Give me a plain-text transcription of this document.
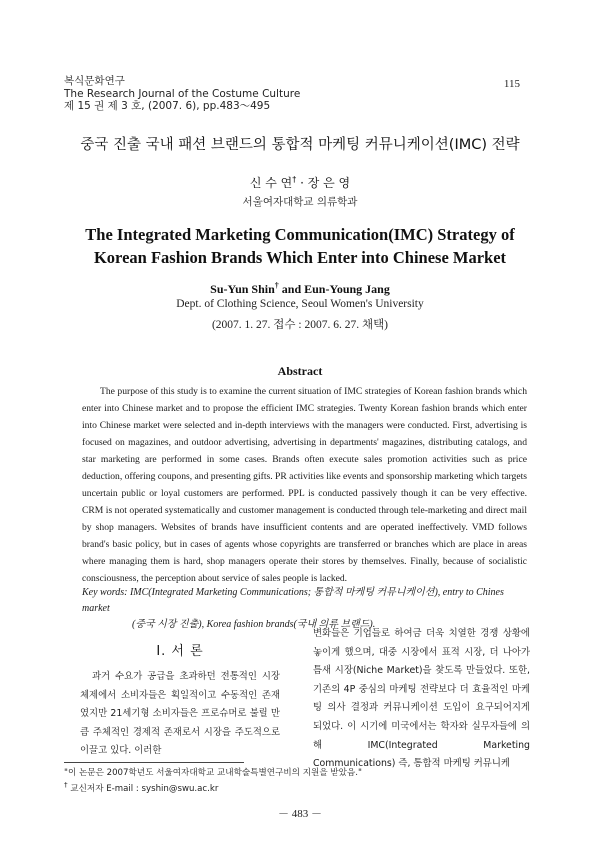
복식문화연구
The Research Journal of the Costume Culture
제 15 권 제 3 호, (2007. 6), pp.483～495
115
중국 진출 국내 패션 브랜드의 통합적 마케팅 커뮤니케이션(IMC) 전략
신 수 연† · 장 은 영
서울여자대학교 의류학과
The Integrated Marketing Communication(IMC) Strategy of
Korean Fashion Brands Which Enter into Chinese Market
Su-Yun Shin† and Eun-Young Jang
Dept. of Clothing Science, Seoul Women's University
(2007. 1. 27. 접수 : 2007. 6. 27. 채택)
Abstract
The purpose of this study is to examine the current situation of IMC strategies of Korean fashion brands which enter into Chinese market and to propose the efficient IMC strategies. Twenty Korean fashion brands which enter into Chinese market were selected and in-depth interviews with the managers were conducted. First, advertising is focused on magazines, and outdoor advertising, advertising in departments' magazines, distributing catalogs, and star marketing are performed in some cases. Brands often execute sales promotion activities such as price deduction, offering coupons, and presenting gifts. PR activities like events and sponsorship marketing which targets uncertain public or loyal customers are performed. PPL is conducted passively though it can be very effective. CRM is not operated systematically and customer management is conducted through tele-marketing and direct mail by shop managers. Websites of brands have insufficient contents and are operated ineffectively. VMD follows brand's basic policy, but in cases of agents whose copyrights are transferred or branches which are place in areas where managing them is hard, shop managers operate their stores by themselves. Finally, because of socialistic consciousness, the perception about service of sales people is lacked.
Key words: IMC(Integrated Marketing Communications; 통합적 마케팅 커뮤니케이션), entry to Chines market
(중국 시장 진출), Korea fashion brands(국내 의류 브랜드).
Ⅰ. 서 론

과거 수요가 공급을 초과하던 전통적인 시장 체제에서 소비자들은 획일적이고 수동적인 존재였지만 21세기형 소비자들은 프로슈머로 불릴 만큼 주체적인 경제적 존재로서 시장을 주도적으로 이끌고 있다. 이러한

변화들은 기업들로 하여금 더욱 치열한 경쟁 상황에 놓이게 했으며, 대중 시장에서 표적 시장, 더 나아가 틈새 시장(Niche Market)을 찾도록 만들었다. 또한, 기존의 4P 중심의 마케팅 전략보다 더 효율적인 마케팅 의사 결정과 커뮤니케이션 도입이 요구되어지게 되었다. 이 시기에 미국에서는 학자와 실무자들에 의해 IMC(Integrated Marketing Communications) 즉, 통합적 마케팅 커뮤니케

"이 논문은 2007학년도 서울여자대학교 교내학술특별연구비의 지원을 받았음."
† 교신저자 E-mail : syshin@swu.ac.kr
－ 483 －
